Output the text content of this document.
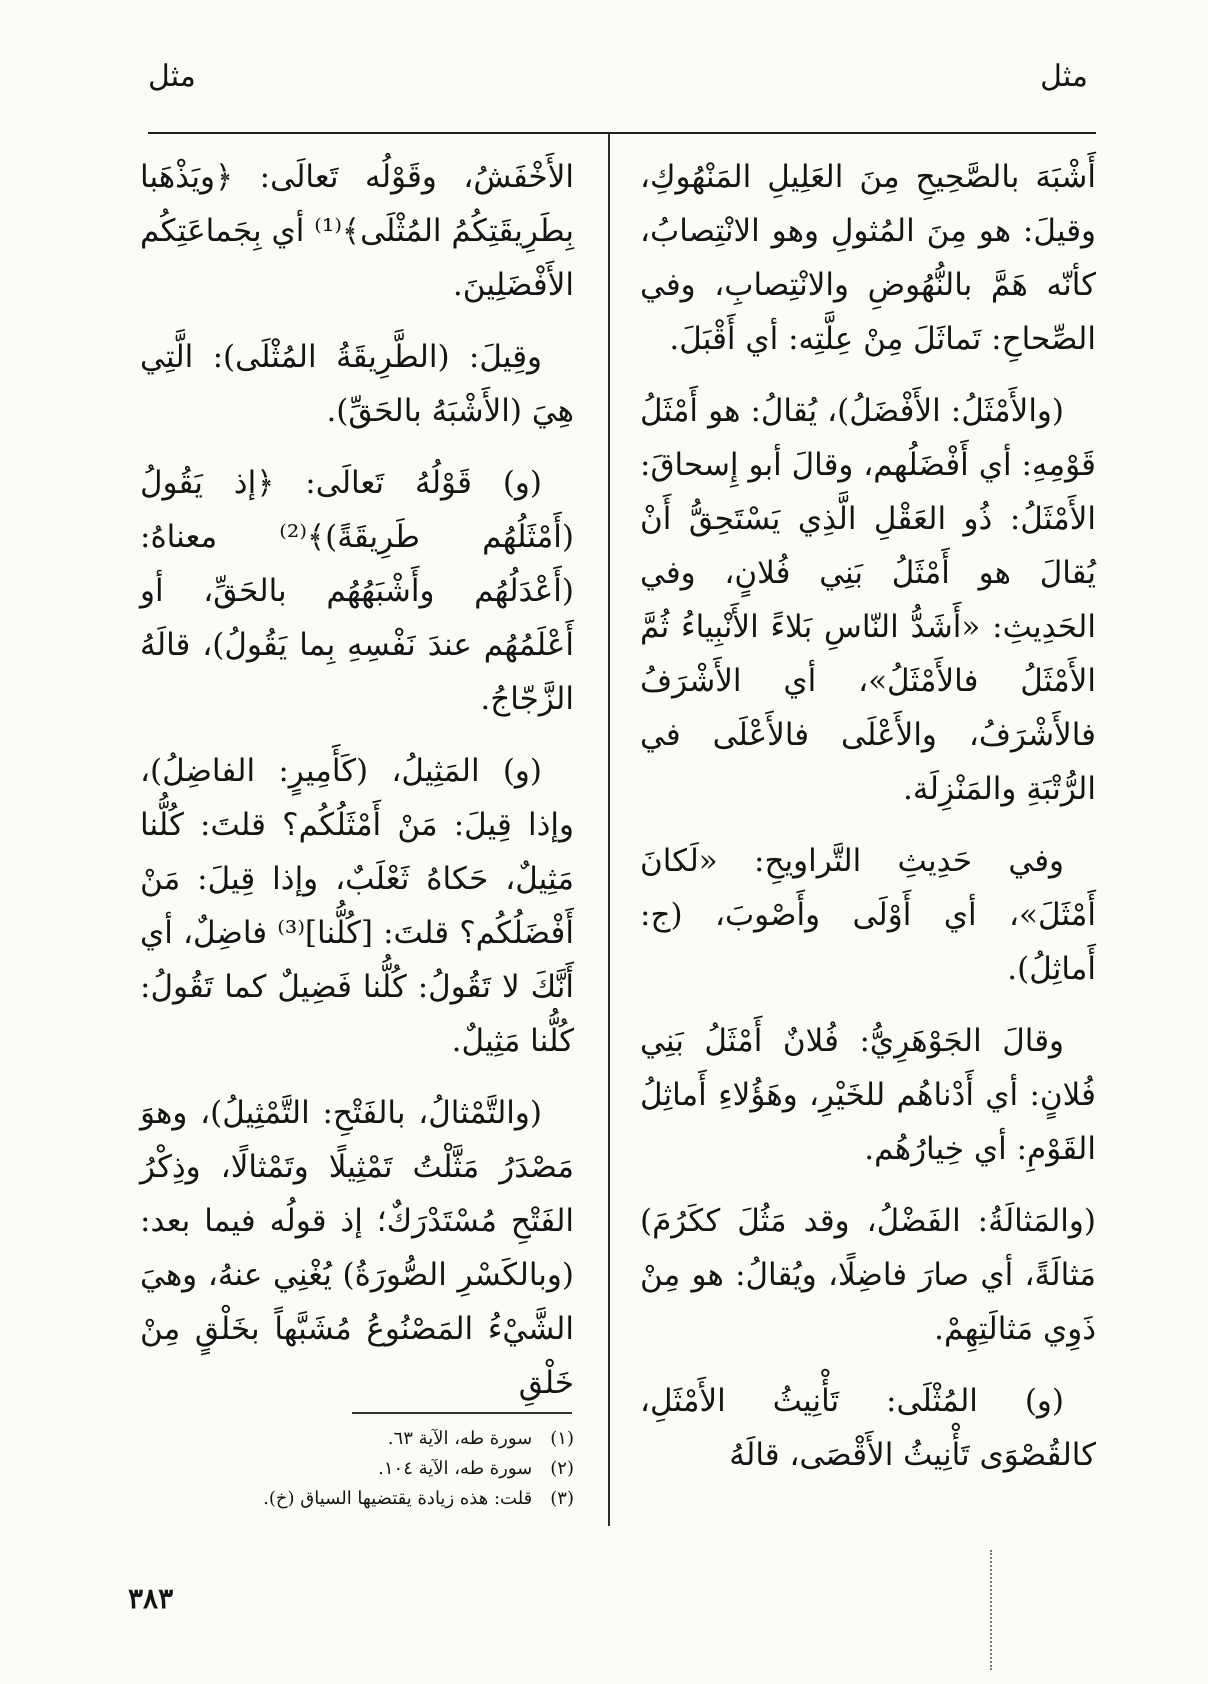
مثل
مثل

أَشْبَهَ بالصَّحِيحِ مِنَ العَلِيلِ المَنْهُوكِ، وقيلَ: هو مِنَ المُثولِ وهو الانْتِصابُ، كأنّه هَمَّ بالنُّهُوضِ والانْتِصابِ، وفي الصِّحاحِ: تَماثَلَ مِنْ عِلَّتِه: أي أَقْبَلَ.

(والأَمْثَلُ: الأَفْضَلُ)، يُقالُ: هو أَمْثَلُ قَوْمِهِ: أي أَفْضَلُهم، وقالَ أبو إِسحاقَ: الأَمْثَلُ: ذُو العَقْلِ الَّذِي يَسْتَحِقُّ أَنْ يُقالَ هو أَمْثَلُ بَنِي فُلانٍ، وفي الحَدِيثِ: «أَشَدُّ النّاسِ بَلاءً الأَنْبِياءُ ثُمَّ الأَمْثَلُ فالأَمْثَلُ»، أي الأَشْرَفُ فالأَشْرَفُ، والأَعْلَى فالأَعْلَى في الرُّتْبَةِ والمَنْزِلَة.

وفي حَدِيثِ التَّراويحِ: «لَكانَ أَمْثَلَ»، أي أَوْلَى وأَصْوبَ، (ج: أَماثِلُ).

وقالَ الجَوْهَرِيُّ: فُلانٌ أَمْثَلُ بَنِي فُلانٍ: أي أَدْناهُم للخَيْرِ، وهَؤُلاءِ أَماثِلُ القَوْمِ: أي خِيارُهُم.

(والمَثالَةُ: الفَضْلُ، وقد مَثُلَ ككَرُمَ) مَثالَةً، أي صارَ فاضِلًا، ويُقالُ: هو مِنْ ذَوِي مَثالَتِهِمْ.

(و) المُثْلَى: تَأْنِيثُ الأَمْثَلِ، كالقُصْوَى تَأْنِيثُ الأَقْصَى، قالَهُ

الأَخْفَشُ، وقَوْلُه تَعالَى: ﴿ويَذْهَبا بِطَرِيقَتِكُمُ المُثْلَى﴾⁽¹⁾ أي بِجَماعَتِكُم الأَفْضَلِينَ.

وقِيلَ: (الطَّرِيقَةُ المُثْلَى): الَّتِي هِيَ (الأَشْبَهُ بالحَقِّ).

(و) قَوْلُهُ تَعالَى: ﴿إذ يَقُولُ (أَمْثَلُهُم طَرِيقَةً)﴾⁽²⁾ معناهُ: (أَعْدَلُهُم وأَشْبَهُهُم بالحَقِّ، أو أَعْلَمُهُم عندَ نَفْسِهِ بِما يَقُولُ)، قالَهُ الزَّجّاجُ.

(و) المَثِيلُ، (كَأَمِيرٍ: الفاضِلُ)، وإذا قِيلَ: مَنْ أَمْثَلُكُم؟ قلتَ: كُلُّنا مَثِيلٌ، حَكاهُ ثَعْلَبٌ، وإذا قِيلَ: مَنْ أَفْضَلُكُم؟ قلتَ: [كُلُّنا]⁽³⁾ فاضِلٌ، أي أَنَّكَ لا تَقُولُ: كُلُّنا فَضِيلٌ كما تَقُولُ: كُلُّنا مَثِيلٌ.

(والتَّمْثالُ، بالفَتْحِ: التَّمْثِيلُ)، وهوَ مَصْدَرُ مَثَّلْتُ تَمْثِيلًا وتَمْثالًا، وذِكْرُ الفَتْحِ مُسْتَدْرَكٌ؛ إذ قولُه فيما بعد: (وبالكَسْرِ الصُّورَةُ) يُغْنِي عنهُ، وهيَ الشَّيْءُ المَصْنُوعُ مُشَبَّهاً بخَلْقٍ مِنْ خَلْقِ

(١) سورة طه، الآية ٦٣.
(٢) سورة طه، الآية ١٠٤.
(٣) قلت: هذه زيادة يقتضيها السياق (خ).
٣٨٣
